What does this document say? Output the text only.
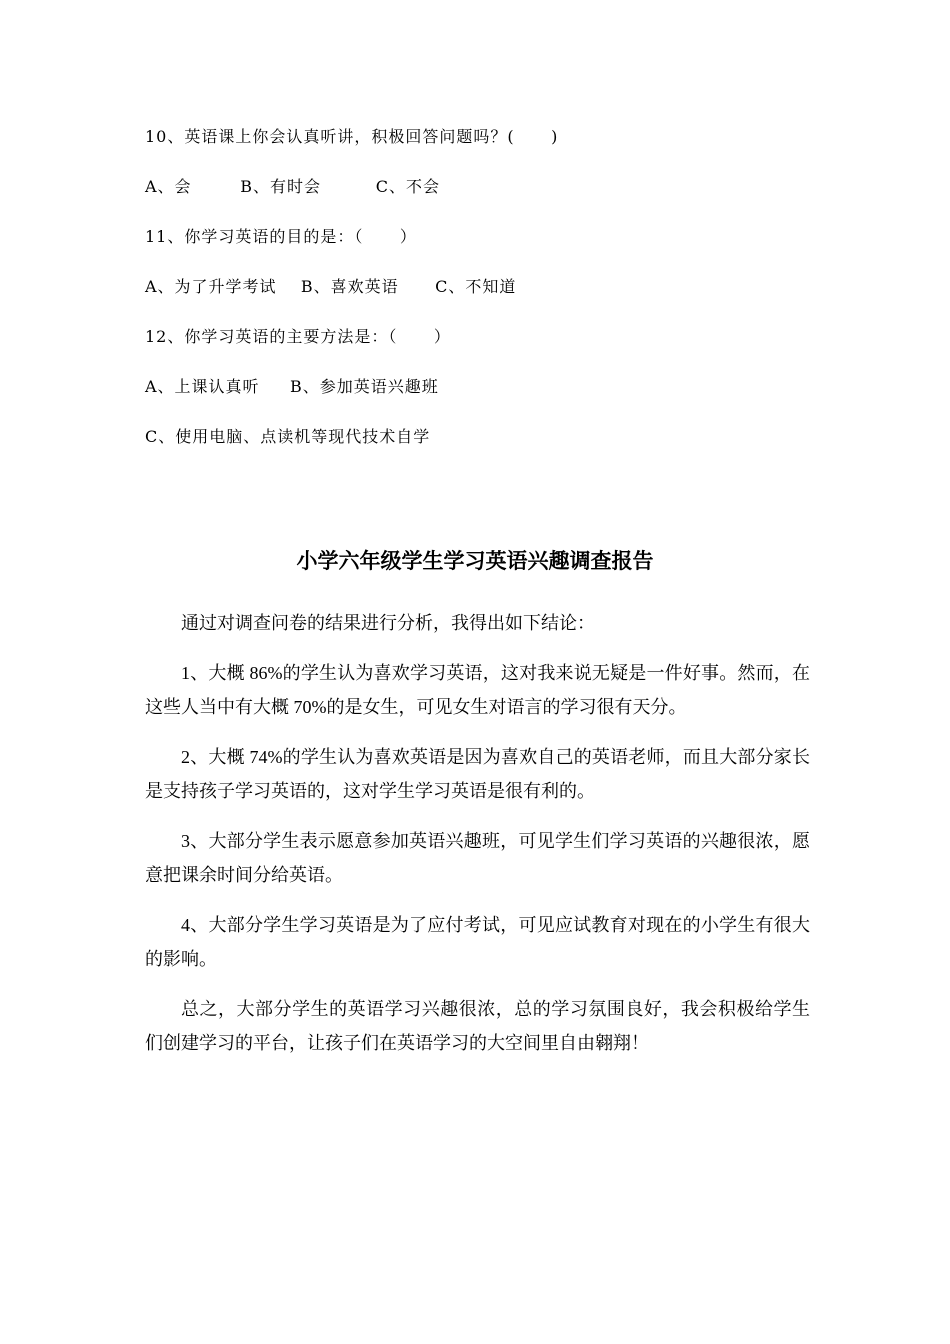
10、英语课上你会认真听讲，积极回答问题吗？(      )
A、会        B、有时会         C、不会
11、你学习英语的目的是：（      ）
A、为了升学考试    B、喜欢英语      C、不知道
12、你学习英语的主要方法是：（      ）
A、上课认真听     B、参加英语兴趣班
C、使用电脑、点读机等现代技术自学
小学六年级学生学习英语兴趣调查报告

通过对调查问卷的结果进行分析，我得出如下结论：

1、大概 86%的学生认为喜欢学习英语，这对我来说无疑是一件好事。然而，在这些人当中有大概 70%的是女生，可见女生对语言的学习很有天分。

2、大概 74%的学生认为喜欢英语是因为喜欢自己的英语老师，而且大部分家长是支持孩子学习英语的，这对学生学习英语是很有利的。

3、大部分学生表示愿意参加英语兴趣班，可见学生们学习英语的兴趣很浓，愿意把课余时间分给英语。

4、大部分学生学习英语是为了应付考试，可见应试教育对现在的小学生有很大的影响。

总之，大部分学生的英语学习兴趣很浓，总的学习氛围良好，我会积极给学生们创建学习的平台，让孩子们在英语学习的大空间里自由翱翔！
